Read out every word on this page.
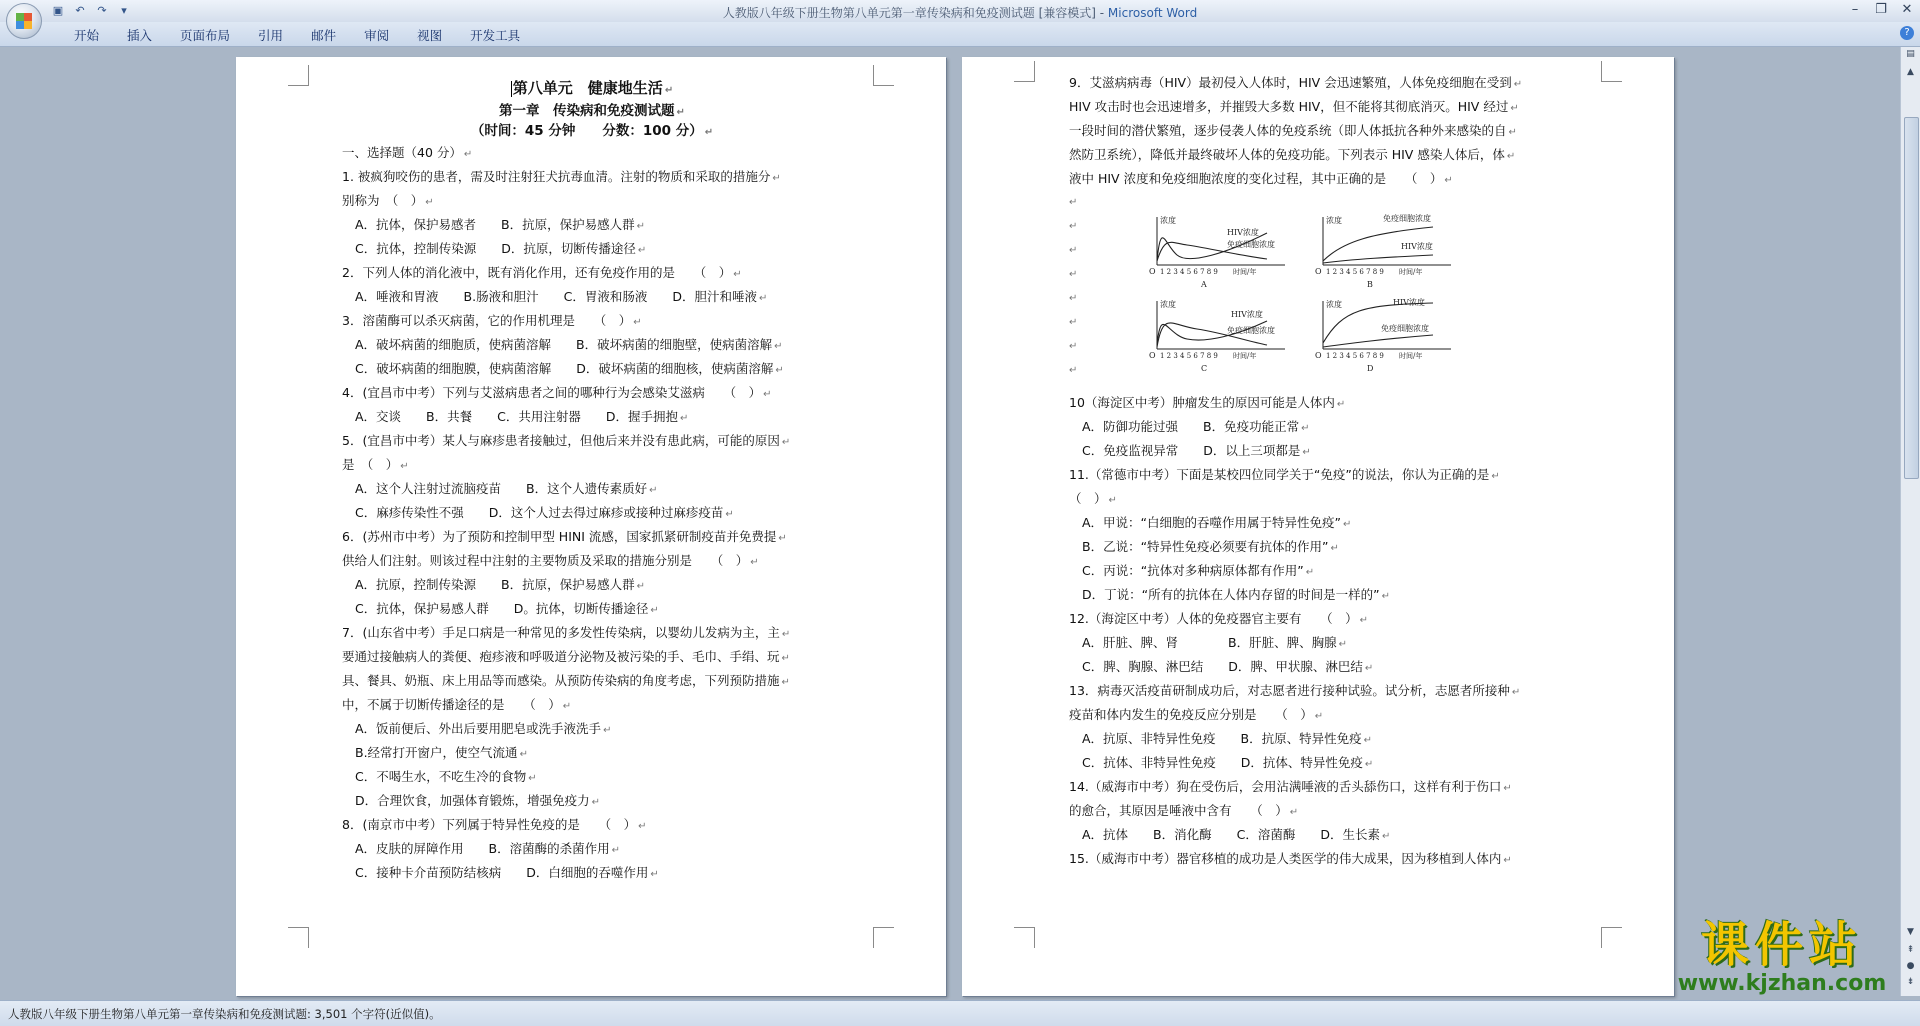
▣	↶	↷	▾	人教版八年级下册生物第八单元第一章传染病和免疫测试题 [兼容模式] - Microsoft Word	–	❐	✕
开始	插入	页面布局	引用	邮件	审阅	视图	开发工具	?
第八单元　健康地生活 ↵
第一章　传染病和免疫测试题 ↵
（时间：45 分钟　　分数：100 分） ↵
一、选择题（40 分） ↵
1. 被疯狗咬伤的患者，需及时注射狂犬抗毒血清。注射的物质和采取的措施分 ↵
别称为　（　） ↵
A．抗体，保护易感者　　B．抗原，保护易感人群 ↵
C．抗体，控制传染源　　D．抗原，切断传播途径 ↵
2．下列人体的消化液中，既有消化作用，还有免疫作用的是　　（　） ↵
A．唾液和胃液　　B.肠液和胆汁　　C．胃液和肠液　　D．胆汁和唾液 ↵
3．溶菌酶可以杀灭病菌，它的作用机理是　　（　） ↵
A．破坏病菌的细胞质，使病菌溶解　　B．破坏病菌的细胞壁，使病菌溶解 ↵
C．破坏病菌的细胞膜，使病菌溶解　　D．破坏病菌的细胞核，使病菌溶解 ↵
4．(宜昌市中考）下列与艾滋病患者之间的哪种行为会感染艾滋病　　（　） ↵
A．交谈　　B．共餐　　C．共用注射器　　D．握手拥抱 ↵
5．(宜昌市中考）某人与麻疹患者接触过，但他后来并没有患此病，可能的原因 ↵
是　（　） ↵
A．这个人注射过流脑疫苗　　B．这个人遗传素质好 ↵
C．麻疹传染性不强　　D．这个人过去得过麻疹或接种过麻疹疫苗 ↵
6．(苏州市中考）为了预防和控制甲型 HINI 流感，国家抓紧研制疫苗并免费提 ↵
供给人们注射。则该过程中注射的主要物质及采取的措施分别是　　（　） ↵
A．抗原，控制传染源　　B．抗原，保护易感人群 ↵
C．抗体，保护易感人群　　D。抗体，切断传播途径 ↵
7．(山东省中考）手足口病是一种常见的多发性传染病，以婴幼儿发病为主，主 ↵
要通过接触病人的粪便、疱疹液和呼吸道分泌物及被污染的手、毛巾、手绢、玩 ↵
具、餐具、奶瓶、床上用品等而感染。从预防传染病的角度考虑，下列预防措施 ↵
中，不属于切断传播途径的是　　（　） ↵
A．饭前便后、外出后要用肥皂或洗手液洗手 ↵
B.经常打开窗户，使空气流通 ↵
C．不喝生水，不吃生冷的食物 ↵
D．合理饮食，加强体育锻炼，增强免疫力 ↵
8．(南京市中考）下列属于特异性免疫的是　　（　） ↵
A．皮肤的屏障作用　　B．溶菌酶的杀菌作用 ↵
C．接种卡介苗预防结核病　　D．白细胞的吞噬作用 ↵
9．艾滋病病毒（HIV）最初侵入人体时，HIV 会迅速繁殖，人体免疫细胞在受到 ↵
HIV 攻击时也会迅速增多，并摧毁大多数 HIV，但不能将其彻底消灭。HIV 经过 ↵
一段时间的潜伏繁殖，逐步侵袭人体的免疫系统（即人体抵抗各种外来感染的自 ↵
然防卫系统），降低并最终破坏人体的免疫功能。下列表示 HIV 感染人体后，体 ↵
液中 HIV 浓度和免疫细胞浓度的变化过程，其中正确的是　　（　） ↵
↵
↵
↵
↵
↵
↵
↵
↵
浓度
O 1 2 3 4 5 6 7 8 9 时间/年
A
HIV浓度
免疫细胞浓度
浓度
O 1 2 3 4 5 6 7 8 9 时间/年
B
HIV浓度
免疫细胞浓度
浓度
O 1 2 3 4 5 6 7 8 9 时间/年
C
HIV浓度
免疫细胞浓度
浓度
O 1 2 3 4 5 6 7 8 9 时间/年
D
HIV浓度
免疫细胞浓度
10（海淀区中考）肿瘤发生的原因可能是人体内 ↵
A．防御功能过强　　B．免疫功能正常 ↵
C．免疫监视异常　　D．以上三项都是 ↵
11.（常德市中考）下面是某校四位同学关于“免疫”的说法，你认为正确的是 ↵
（　） ↵
A．甲说：“白细胞的吞噬作用属于特异性免疫” ↵
B．乙说：“特异性免疫必须要有抗体的作用” ↵
C．丙说：“抗体对多种病原体都有作用” ↵
D．丁说：“所有的抗体在人体内存留的时间是一样的” ↵
12.（海淀区中考）人体的免疫器官主要有　　（　） ↵
A．肝脏、脾、肾　　　　B．肝脏、脾、胸腺 ↵
C．脾、胸腺、淋巴结　　D．脾、甲状腺、淋巴结 ↵
13．病毒灭活疫苗研制成功后，对志愿者进行接种试验。试分析，志愿者所接种 ↵
疫苗和体内发生的免疫反应分别是　　（　） ↵
A．抗原、非特异性免疫　　B．抗原、特异性免疫 ↵
C．抗体、非特异性免疫　　D．抗体、特异性免疫 ↵
14.（威海市中考）狗在受伤后，会用沾满唾液的舌头舔伤口，这样有利于伤口 ↵
的愈合，其原因是唾液中含有　　（　） ↵
A．抗体　　B．消化酶　　C．溶菌酶　　D．生长素 ↵
15.（威海市中考）器官移植的成功是人类医学的伟大成果，因为移植到人体内 ↵
▤
▲
▼
⇞
●
⇟
人教版八年级下册生物第八单元第一章传染病和免疫测试题: 3,501 个字符(近似值)。
课件站
www.kjzhan.com
